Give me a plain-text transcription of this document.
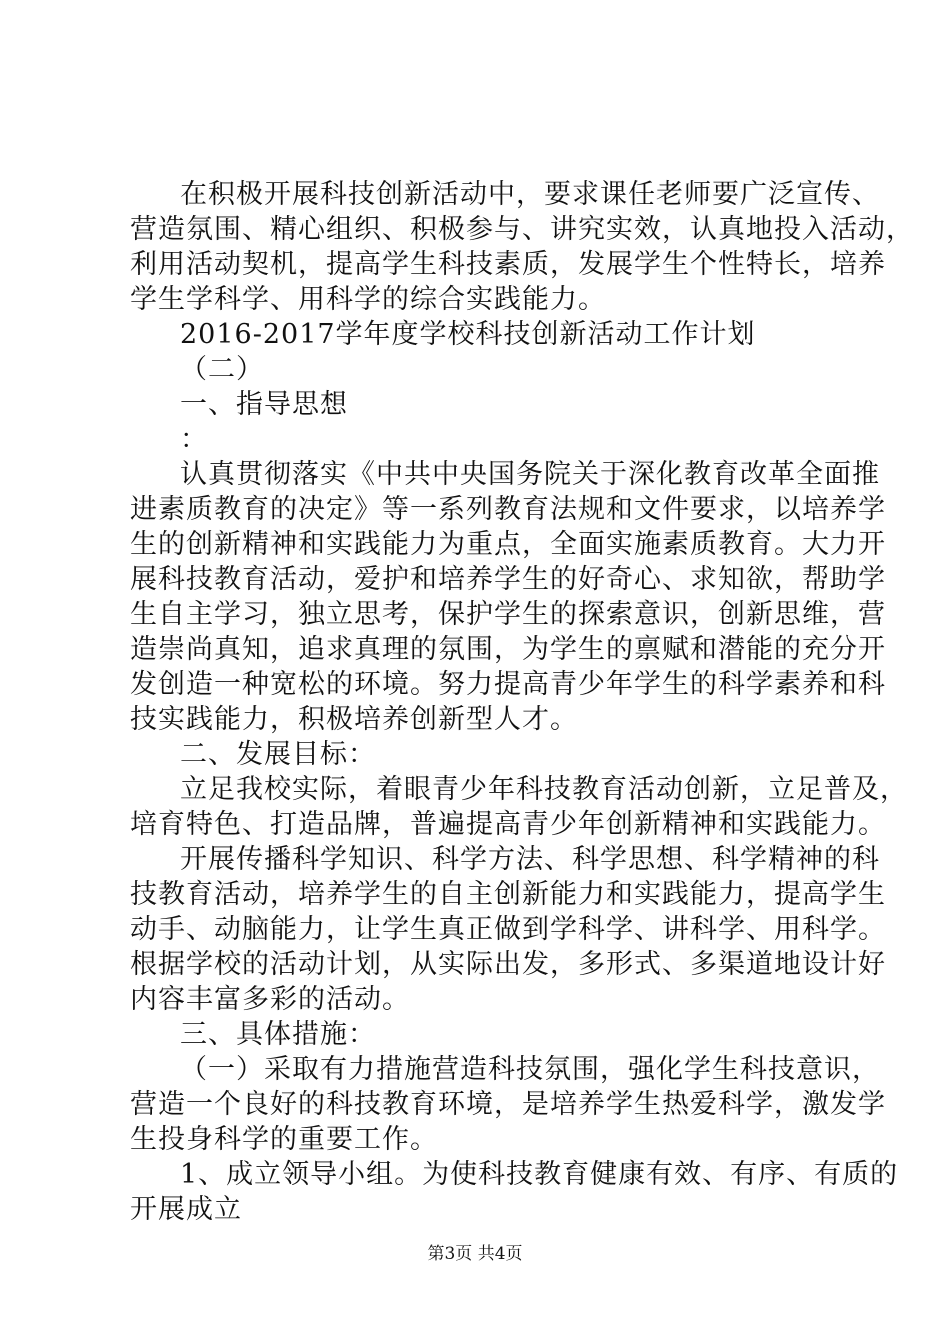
在积极开展科技创新活动中，要求课任老师要广泛宣传、
营造氛围、精心组织、积极参与、讲究实效，认真地投入活动，
利用活动契机，提高学生科技素质，发展学生个性特长，培养
学生学科学、用科学的综合实践能力。
2016-2017学年度学校科技创新活动工作计划
（二）
一、指导思想
：
认真贯彻落实《中共中央国务院关于深化教育改革全面推
进素质教育的决定》等一系列教育法规和文件要求，以培养学
生的创新精神和实践能力为重点，全面实施素质教育。大力开
展科技教育活动，爱护和培养学生的好奇心、求知欲，帮助学
生自主学习，独立思考，保护学生的探索意识，创新思维，营
造崇尚真知，追求真理的氛围，为学生的禀赋和潜能的充分开
发创造一种宽松的环境。努力提高青少年学生的科学素养和科
技实践能力，积极培养创新型人才。
二、发展目标：
立足我校实际，着眼青少年科技教育活动创新，立足普及，
培育特色、打造品牌，普遍提高青少年创新精神和实践能力。
开展传播科学知识、科学方法、科学思想、科学精神的科
技教育活动，培养学生的自主创新能力和实践能力，提高学生
动手、动脑能力，让学生真正做到学科学、讲科学、用科学。
根据学校的活动计划，从实际出发，多形式、多渠道地设计好
内容丰富多彩的活动。
三、具体措施：
（一）采取有力措施营造科技氛围，强化学生科技意识，
营造一个良好的科技教育环境，是培养学生热爱科学，激发学
生投身科学的重要工作。
1、成立领导小组。为使科技教育健康有效、有序、有质的
开展成立
第3页 共4页
